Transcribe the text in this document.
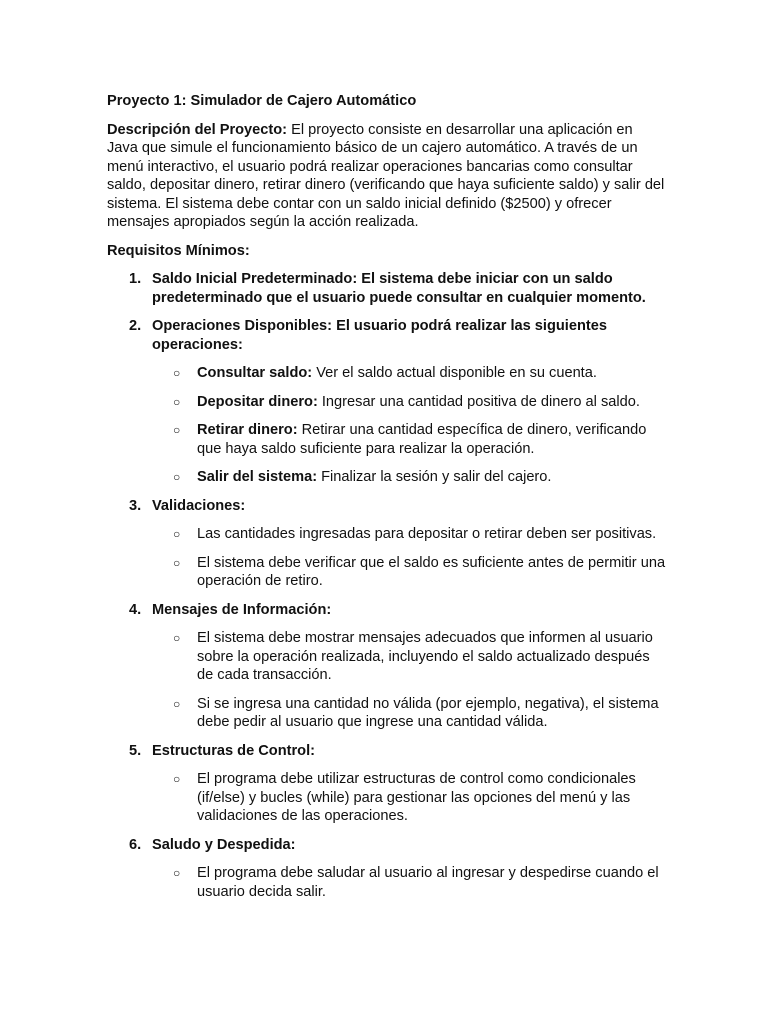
Proyecto 1: Simulador de Cajero Automático

Descripción del Proyecto: El proyecto consiste en desarrollar una aplicación en Java que simule el funcionamiento básico de un cajero automático. A través de un menú interactivo, el usuario podrá realizar operaciones bancarias como consultar saldo, depositar dinero, retirar dinero (verificando que haya suficiente saldo) y salir del sistema. El sistema debe contar con un saldo inicial definido ($2500) y ofrecer mensajes apropiados según la acción realizada.

Requisitos Mínimos:
1. Saldo Inicial Predeterminado: El sistema debe iniciar con un saldo predeterminado que el usuario puede consultar en cualquier momento.
2. Operaciones Disponibles: El usuario podrá realizar las siguientes operaciones:
○ Consultar saldo: Ver el saldo actual disponible en su cuenta.
○ Depositar dinero: Ingresar una cantidad positiva de dinero al saldo.
○ Retirar dinero: Retirar una cantidad específica de dinero, verificando que haya saldo suficiente para realizar la operación.
○ Salir del sistema: Finalizar la sesión y salir del cajero.
3. Validaciones:
○ Las cantidades ingresadas para depositar o retirar deben ser positivas.
○ El sistema debe verificar que el saldo es suficiente antes de permitir una operación de retiro.
4. Mensajes de Información:
○ El sistema debe mostrar mensajes adecuados que informen al usuario sobre la operación realizada, incluyendo el saldo actualizado después de cada transacción.
○ Si se ingresa una cantidad no válida (por ejemplo, negativa), el sistema debe pedir al usuario que ingrese una cantidad válida.
5. Estructuras de Control:
○ El programa debe utilizar estructuras de control como condicionales (if/else) y bucles (while) para gestionar las opciones del menú y las validaciones de las operaciones.
6. Saludo y Despedida:
○ El programa debe saludar al usuario al ingresar y despedirse cuando el usuario decida salir.
